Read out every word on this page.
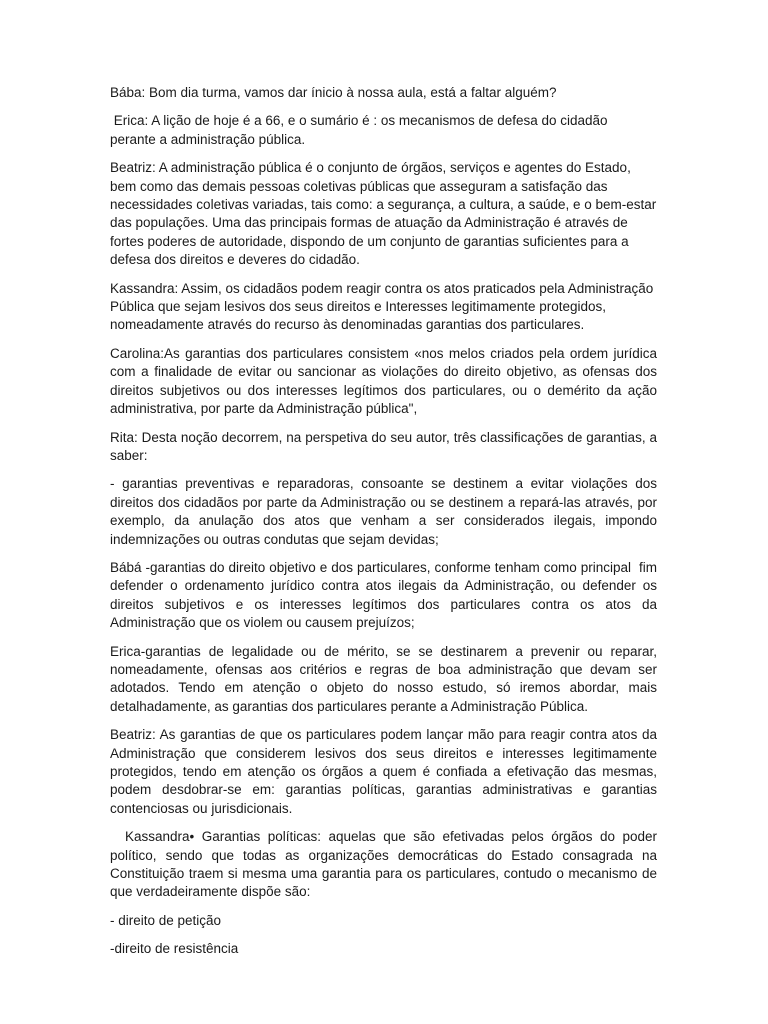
Bába: Bom dia turma, vamos dar ínicio à nossa aula, está a faltar alguém?

Erica: A lição de hoje é a 66, e o sumário é : os mecanismos de defesa do cidadão perante a administração pública.

Beatriz: A administração pública é o conjunto de órgãos, serviços e agentes do Estado, bem como das demais pessoas coletivas públicas que asseguram a satisfação das necessidades coletivas variadas, tais como: a segurança, a cultura, a saúde, e o bem-estar das populações. Uma das principais formas de atuação da Administração é através de fortes poderes de autoridade, dispondo de um conjunto de garantias suficientes para a defesa dos direitos e deveres do cidadão.

Kassandra: Assim, os cidadãos podem reagir contra os atos praticados pela Administração Pública que sejam lesivos dos seus direitos e Interesses legitimamente protegidos, nomeadamente através do recurso às denominadas garantias dos particulares.

Carolina:As garantias dos particulares consistem «nos melos criados pela ordem jurídica com a finalidade de evitar ou sancionar as violações do direito objetivo, as ofensas dos direitos subjetivos ou dos interesses legítimos dos particulares, ou o demérito da ação administrativa, por parte da Administração pública",

Rita: Desta noção decorrem, na perspetiva do seu autor, três classificações de garantias, a saber:

- garantias preventivas e reparadoras, consoante se destinem a evitar violações dos direitos dos cidadãos por parte da Administração ou se destinem a repará-las através, por exemplo, da anulação dos atos que venham a ser considerados ilegais, impondo indemnizações ou outras condutas que sejam devidas;

Bábá -garantias do direito objetivo e dos particulares, conforme tenham como principal  fim defender o ordenamento jurídico contra atos ilegais da Administração, ou defender os direitos subjetivos e os interesses legítimos dos particulares contra os atos da Administração que os violem ou causem prejuízos;

Erica-garantias de legalidade ou de mérito, se se destinarem a prevenir ou reparar, nomeadamente, ofensas aos critérios e regras de boa administração que devam ser adotados. Tendo em atenção o objeto do nosso estudo, só iremos abordar, mais detalhadamente, as garantias dos particulares perante a Administração Pública.

Beatriz: As garantias de que os particulares podem lançar mão para reagir contra atos da Administração que considerem lesivos dos seus direitos e interesses legitimamente protegidos, tendo em atenção os órgãos a quem é confiada a efetivação das mesmas, podem desdobrar-se em: garantias políticas, garantias administrativas e garantias contenciosas ou jurisdicionais.

Kassandra• Garantias políticas: aquelas que são efetivadas pelos órgãos do poder político, sendo que todas as organizações democráticas do Estado consagrada na Constituição traem si mesma uma garantia para os particulares, contudo o mecanismo de que verdadeiramente dispõe são:

- direito de petição

-direito de resistência
